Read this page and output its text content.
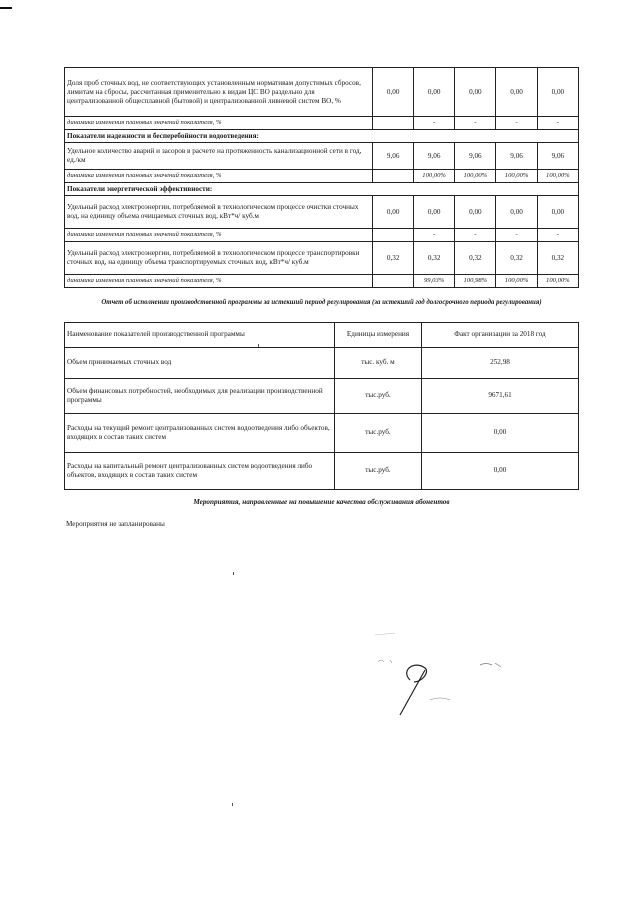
Доля проб сточных вод, не соответствующих установленным нормативам допустимых сбросов, лимитам на сбросы, рассчитанная применительно к видам ЦС ВО раздельно для централизованной общесплавной (бытовой) и централизованной ливневой систем ВО, %	0,00	0,00	0,00	0,00	0,00
динамика изменения плановых значений показателя, %		-	-	-	-
Показатели надежности и бесперебойности водоотведения:					
Удельное количество аварий и засоров в расчете на протяженность канализационной сети в год, ед./км	9,06	9,06	9,06	9,06	9,06
динамика изменения плановых значений показателя, %		100,00%	100,00%	100,00%	100,00%
Показатели энергетической эффективности:					
Удельный расход электроэнергии, потребляемой в технологическом процессе очистки сточных вод, на единицу объема очищаемых сточных вод, кВт*ч/ куб.м	0,00	0,00	0,00	0,00	0,00
динамика изменения плановых значений показателя, %		-	-	-	-
Удельный расход электроэнергии, потребляемой в технологическом процессе транспортировки сточных вод, на единицу объема транспортируемых сточных вод, кВт*ч/ куб.м	0,32	0,32	0,32	0,32	0,32
динамика изменения плановых значений показателя, %		99,03%	100,98%	100,00%	100,00%
Отчет об исполнении производственной программы за истекший период регулирования (за истекший год долгосрочного периода регулирования)
Наименование показателей производственной программы	Единицы измерения	Факт организации за 2018 год
Объем принимаемых сточных вод	тыс. куб. м	252,98
Объем финансовых потребностей, необходимых для реализации производственной программы	тыс.руб.	9671,61
Расходы на текущий ремонт централизованных систем водоотведения либо объектов, входящих в состав таких систем	тыс.руб.	0,00
Расходы на капитальный ремонт централизованных систем водоотведения либо объектов, входящих в состав таких систем	тыс.руб.	0,00
Мероприятия, направленные на повышение качества обслуживания абонентов
Мероприятия не запланированы
